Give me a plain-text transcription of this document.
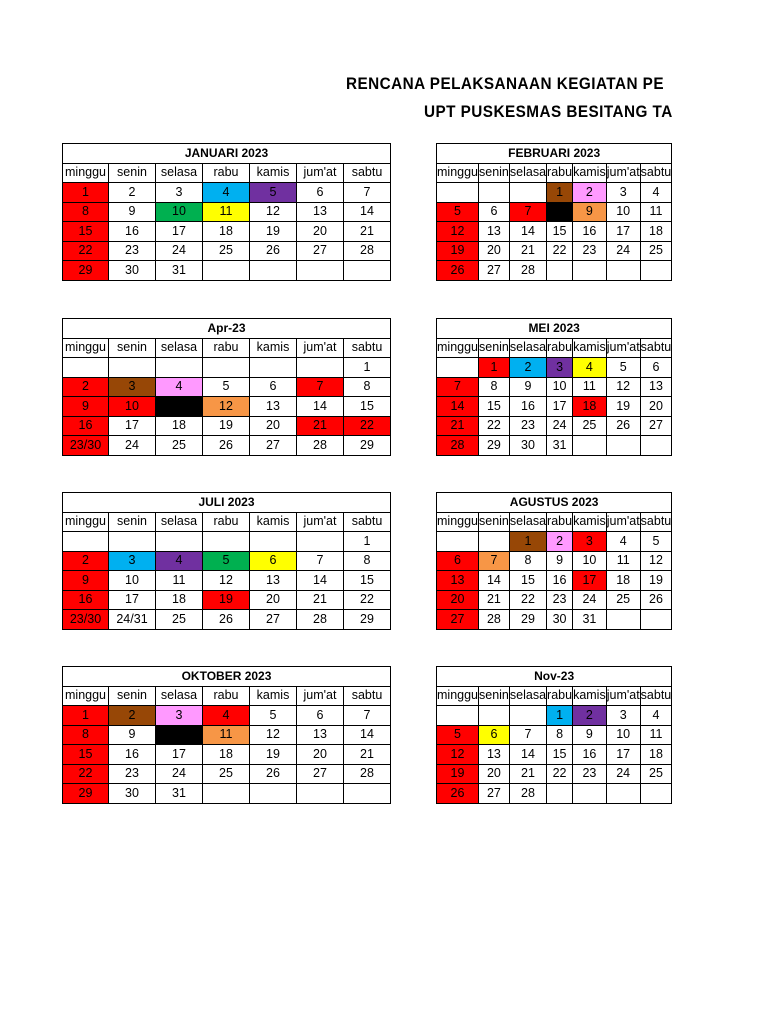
RENCANA PELAKSANAAN KEGIATAN PE
UPT PUSKESMAS BESITANG TA
JANUARI 2023						
minggu	senin	selasa	rabu	kamis	jum'at	sabtu
1	2	3	4	5	6	7
8	9	10	11	12	13	14
15	16	17	18	19	20	21
22	23	24	25	26	27	28
29	30	31				
FEBRUARI 2023						
minggu	senin	selasa	rabu	kamis	jum'at	sabtu
			1	2	3	4
5	6	7	8	9	10	11
12	13	14	15	16	17	18
19	20	21	22	23	24	25
26	27	28				
Apr-23						
minggu	senin	selasa	rabu	kamis	jum'at	sabtu
						1
2	3	4	5	6	7	8
9	10	11	12	13	14	15
16	17	18	19	20	21	22
23/30	24	25	26	27	28	29
MEI 2023						
minggu	senin	selasa	rabu	kamis	jum'at	sabtu
	1	2	3	4	5	6
7	8	9	10	11	12	13
14	15	16	17	18	19	20
21	22	23	24	25	26	27
28	29	30	31			
JULI 2023						
minggu	senin	selasa	rabu	kamis	jum'at	sabtu
						1
2	3	4	5	6	7	8
9	10	11	12	13	14	15
16	17	18	19	20	21	22
23/30	24/31	25	26	27	28	29
AGUSTUS 2023						
minggu	senin	selasa	rabu	kamis	jum'at	sabtu
		1	2	3	4	5
6	7	8	9	10	11	12
13	14	15	16	17	18	19
20	21	22	23	24	25	26
27	28	29	30	31		
OKTOBER 2023						
minggu	senin	selasa	rabu	kamis	jum'at	sabtu
1	2	3	4	5	6	7
8	9	10	11	12	13	14
15	16	17	18	19	20	21
22	23	24	25	26	27	28
29	30	31				
Nov-23						
minggu	senin	selasa	rabu	kamis	jum'at	sabtu
			1	2	3	4
5	6	7	8	9	10	11
12	13	14	15	16	17	18
19	20	21	22	23	24	25
26	27	28				
